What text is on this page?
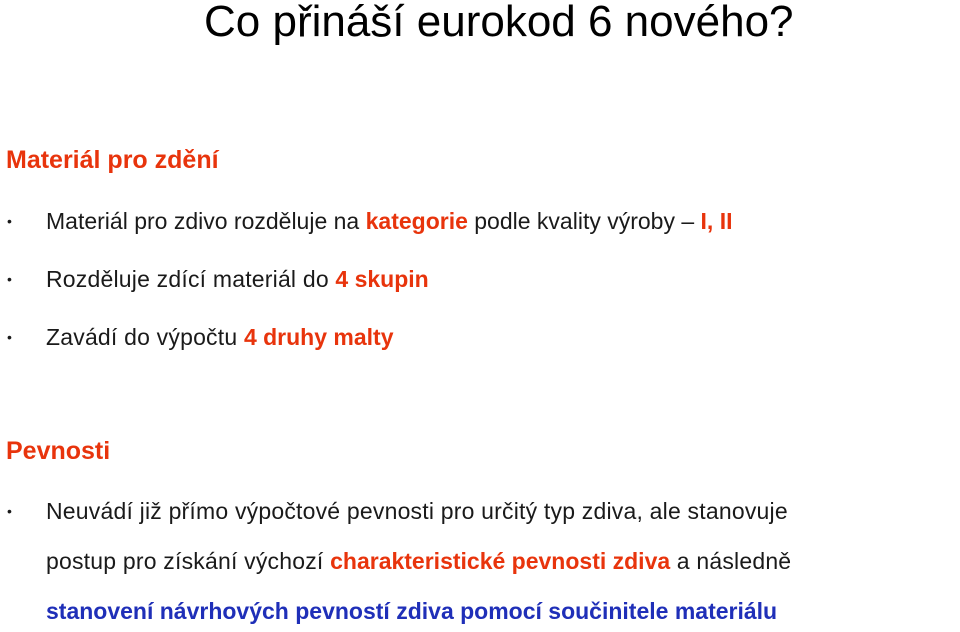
Co přináší eurokod 6 nového?
Materiál pro zdění
• Materiál pro zdivo rozděluje na kategorie podle kvality výroby – I, II
• Rozděluje zdící materiál do 4 skupin
• Zavádí do výpočtu 4 druhy malty
Pevnosti
• Neuvádí již přímo výpočtové pevnosti pro určitý typ zdiva, ale stanovuje
postup pro získání výchozí charakteristické pevnosti zdiva a následně
stanovení návrhových pevností zdiva pomocí součinitele materiálu
